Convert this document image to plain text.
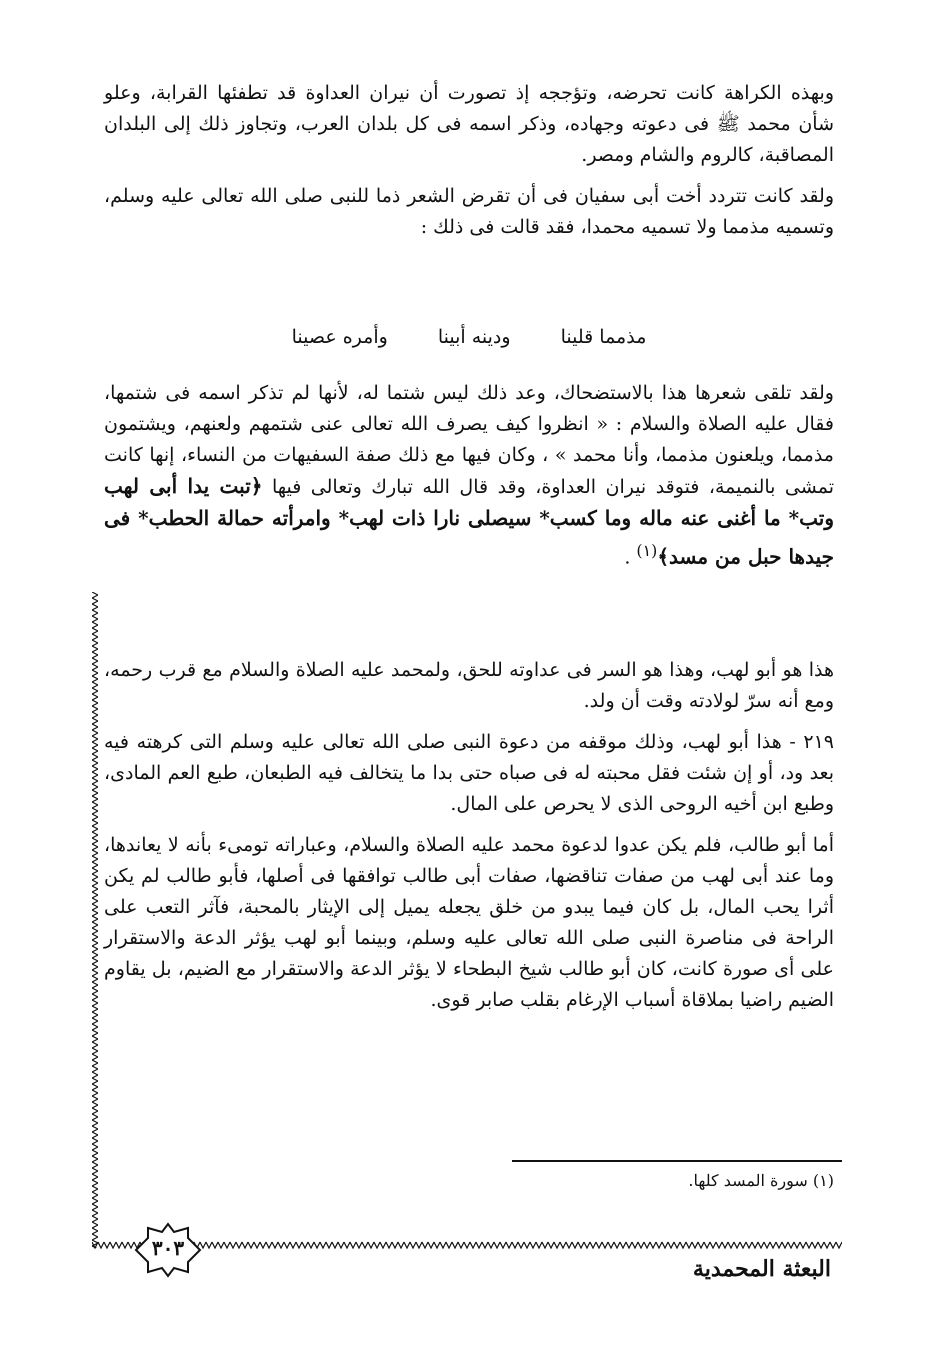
وبهذه الكراهة كانت تحرضه، وتؤججه إذ تصورت أن نيران العداوة قد تطفئها القرابة، وعلو شأن محمد ﷺ فى دعوته وجهاده، وذكر اسمه فى كل بلدان العرب، وتجاوز ذلك إلى البلدان المصاقبة، كالروم والشام ومصر.

ولقد كانت تتردد أخت أبى سفيان فى أن تقرض الشعر ذما للنبى صلى الله تعالى عليه وسلم، وتسميه مذمما ولا تسميه محمدا، فقد قالت فى ذلك :

مذمما قلينا ودينه أبينا وأمره عصينا

ولقد تلقى شعرها هذا بالاستضحاك، وعد ذلك ليس شتما له، لأنها لم تذكر اسمه فى شتمها، فقال عليه الصلاة والسلام : « انظروا كيف يصرف الله تعالى عنى شتمهم ولعنهم، ويشتمون مذمما، ويلعنون مذمما، وأنا محمد » ، وكان فيها مع ذلك صفة السفيهات من النساء، إنها كانت تمشى بالنميمة، فتوقد نيران العداوة، وقد قال الله تبارك وتعالى فيها ﴿تبت يدا أبى لهب وتب* ما أغنى عنه ماله وما كسب* سيصلى نارا ذات لهب* وامرأته حمالة الحطب* فى جيدها حبل من مسد﴾$^{(١)}$ .

هذا هو أبو لهب، وهذا هو السر فى عداوته للحق، ولمحمد عليه الصلاة والسلام مع قرب رحمه، ومع أنه سرّ لولادته وقت أن ولد.

٢١٩ - هذا أبو لهب، وذلك موقفه من دعوة النبى صلى الله تعالى عليه وسلم التى كرهته فيه بعد ود، أو إن شئت فقل محبته له فى صباه حتى بدا ما يتخالف فيه الطبعان، طبع العم المادى، وطبع ابن أخيه الروحى الذى لا يحرص على المال.

أما أبو طالب، فلم يكن عدوا لدعوة محمد عليه الصلاة والسلام، وعباراته تومىء بأنه لا يعاندها، وما عند أبى لهب من صفات تناقضها، صفات أبى طالب توافقها فى أصلها، فأبو طالب لم يكن أثرا يحب المال، بل كان فيما يبدو من خلق يجعله يميل إلى الإيثار بالمحبة، فآثر التعب على الراحة فى مناصرة النبى صلى الله تعالى عليه وسلم، وبينما أبو لهب يؤثر الدعة والاستقرار على أى صورة كانت، كان أبو طالب شيخ البطحاء لا يؤثر الدعة والاستقرار مع الضيم، بل يقاوم الضيم راضيا بملاقاة أسباب الإرغام بقلب صابر قوى.

(١) سورة المسد كلها.
٣٠٣
البعثة المحمدية
